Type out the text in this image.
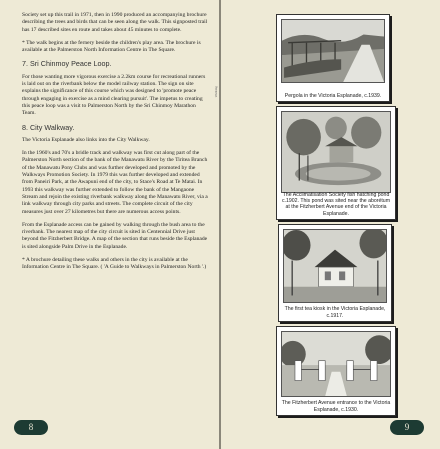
Society set up this trail in 1971, then in 1990 produced an accompanying brochure describing the trees and birds that can be seen along the walk. This signposted trail has 17 described sites en route and takes about 45 minutes to complete.

* The walk begins at the fernery beside the children's play area. The brochure is available at the Palmerston North Information Centre in The Square.

7. Sri Chinmoy Peace Loop.

For those wanting more vigorous exercise a 2.2km course for recreational runners is laid out on the riverbank below the model railway station. The sign on site explains the significance of this course which was designed to 'promote peace through engaging in exercise as a mind clearing pursuit'. The impetus to creating this peace loop was a visit to Palmerston North by the Sri Chinmoy Marathon Team.

8. City Walkway.

The Victoria Esplanade also links into the City Walkway.

In the 1960's and 70's a bridle track and walkway was first cut along part of the Palmerston North section of the bank of the Manawatu River by the Tiritea Branch of the Manawatu Pony Clubs and was further developed and promoted by the Walkways Promotion Society. In 1979 this was further developed and extended from Paneiri Park, at the Awapuni end of the city, to Stace's Road at Te Matai. In 1993 this walkway was further extended to follow the bank of the Mangaone Stream and rejoin the existing riverbank walkway along the Manawatu River, via a link walkway through city parks and streets. The complete circuit of the city measures just over 27 kilometres but there are numerous access points.

From the Esplanade access can be gained by walking through the bush area to the riverbank. The nearest map of the city circuit is sited in Centennial Drive just beyond the Fitzherbert Bridge. A map of the section that runs beside the Esplanade is sited alongside Palm Drive in the Esplanade.

* A brochure detailing these walks and others in the city is available at the Information Centre in The Square. ( 'A Guide to Walkways in Palmerston North '.)

8
Walking	Pergola in the Victoria Esplanade, c.1939.
The Acclimatisation Society fish hatching pond c.1902. This pond was sited near the aborétum at the Fitzherbert Avenue end of the Victoria Esplanade.
The first tea kiosk in the Victoria Esplanade, c.1917.
The Fitzherbert Avenue entrance to the Victoria Esplanade, c.1930.
9
